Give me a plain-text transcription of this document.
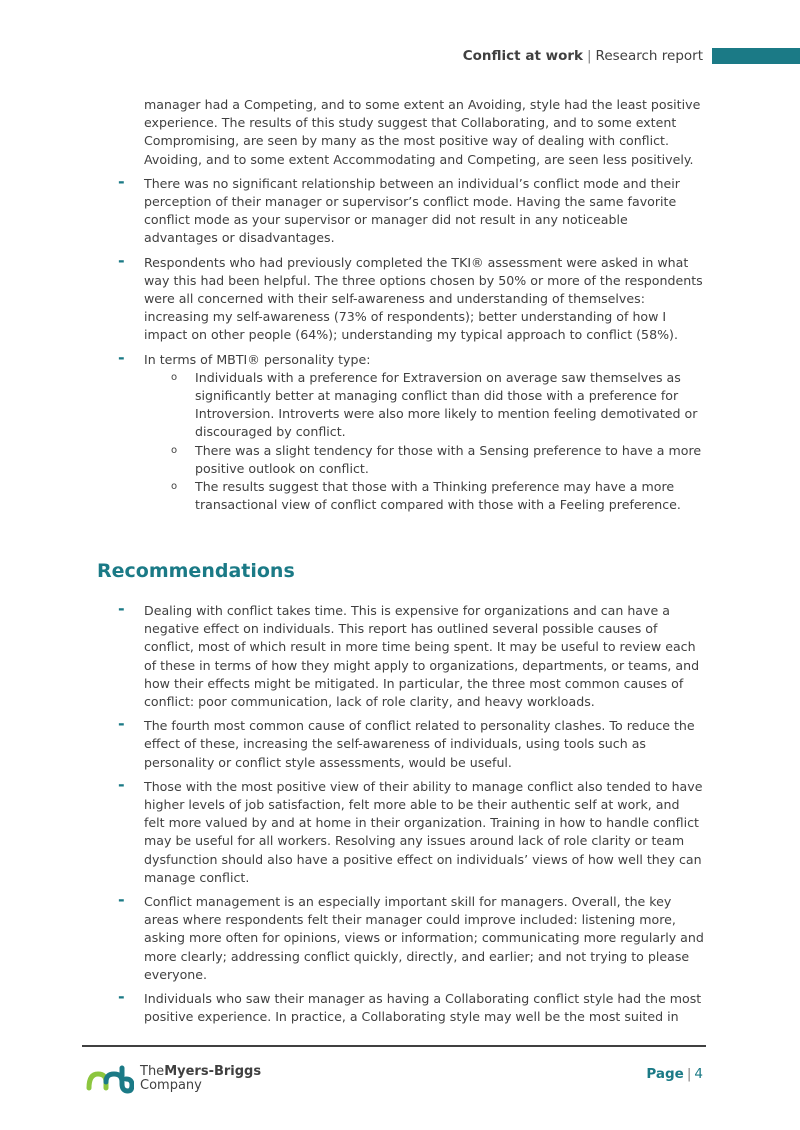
Conflict at work | Research report
manager had a Competing, and to some extent an Avoiding, style had the least positive experience. The results of this study suggest that Collaborating, and to some extent Compromising, are seen by many as the most positive way of dealing with conflict. Avoiding, and to some extent Accommodating and Competing, are seen less positively.
- There was no significant relationship between an individual’s conflict mode and their perception of their manager or supervisor’s conflict mode. Having the same favorite conflict mode as your supervisor or manager did not result in any noticeable advantages or disadvantages.
- Respondents who had previously completed the TKI® assessment were asked in what way this had been helpful. The three options chosen by 50% or more of the respondents were all concerned with their self-awareness and understanding of themselves: increasing my self-awareness (73% of respondents); better understanding of how I impact on other people (64%); understanding my typical approach to conflict (58%).
- In terms of MBTI® personality type:
o Individuals with a preference for Extraversion on average saw themselves as significantly better at managing conflict than did those with a preference for Introversion. Introverts were also more likely to mention feeling demotivated or discouraged by conflict.
o There was a slight tendency for those with a Sensing preference to have a more positive outlook on conflict.
o The results suggest that those with a Thinking preference may have a more transactional view of conflict compared with those with a Feeling preference.
Recommendations
- Dealing with conflict takes time. This is expensive for organizations and can have a negative effect on individuals. This report has outlined several possible causes of conflict, most of which result in more time being spent. It may be useful to review each of these in terms of how they might apply to organizations, departments, or teams, and how their effects might be mitigated. In particular, the three most common causes of conflict: poor communication, lack of role clarity, and heavy workloads.
- The fourth most common cause of conflict related to personality clashes. To reduce the effect of these, increasing the self-awareness of individuals, using tools such as personality or conflict style assessments, would be useful.
- Those with the most positive view of their ability to manage conflict also tended to have higher levels of job satisfaction, felt more able to be their authentic self at work, and felt more valued by and at home in their organization. Training in how to handle conflict may be useful for all workers. Resolving any issues around lack of role clarity or team dysfunction should also have a positive effect on individuals’ views of how well they can manage conflict.
- Conflict management is an especially important skill for managers. Overall, the key areas where respondents felt their manager could improve included: listening more, asking more often for opinions, views or information; communicating more regularly and more clearly; addressing conflict quickly, directly, and earlier; and not trying to please everyone.
- Individuals who saw their manager as having a Collaborating conflict style had the most positive experience. In practice, a Collaborating style may well be the most suited in
TheMyers-Briggs
Company
Page | 4
